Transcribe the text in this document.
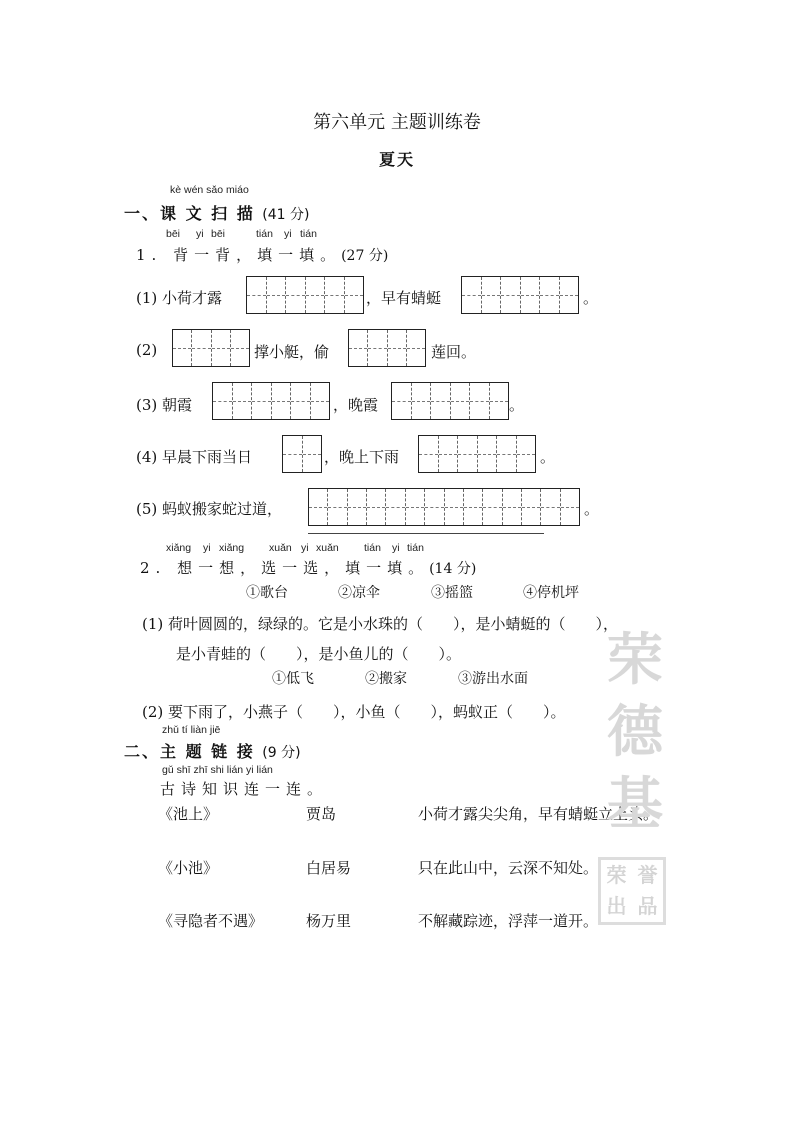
第六单元 主题训练卷
夏天
kè wén sǎo miáo
一、课 文 扫 描 (41 分)
bēi yi bēi	tián yi tián
1. 背一背，填一填。(27 分)
(1) 小荷才露	，早有蜻蜓	。
(2)	撑小艇，偷	莲回。
(3) 朝霞	，晚霞	。
(4) 早晨下雨当日	，晚上下雨	。
(5) 蚂蚁搬家蛇过道，	。
xiǎng yi xiǎng xuǎn yi xuǎn tián yi tián
2. 想一想，选一选，填一填。(14 分)
①歌台	②凉伞	③摇篮	④停机坪
(1) 荷叶圆圆的，绿绿的。它是小水珠的（　　），是小蜻蜓的（　　），
是小青蛙的（　　），是小鱼儿的（　　）。
①低飞	②搬家	③游出水面
(2) 要下雨了，小燕子（　　），小鱼（　　），蚂蚁正（　　）。
zhǔ tí liàn jiē
二、主 题 链 接 (9 分)
gǔ shī zhī shi lián yi lián
古诗知识连一连。
《池上》	贾岛	小荷才露尖尖角，早有蜻蜓立上头。
《小池》	白居易	只在此山中，云深不知处。
《寻隐者不遇》	杨万里	不解藏踪迹，浮萍一道开。
荣
德
基
荣 誉
出 品
